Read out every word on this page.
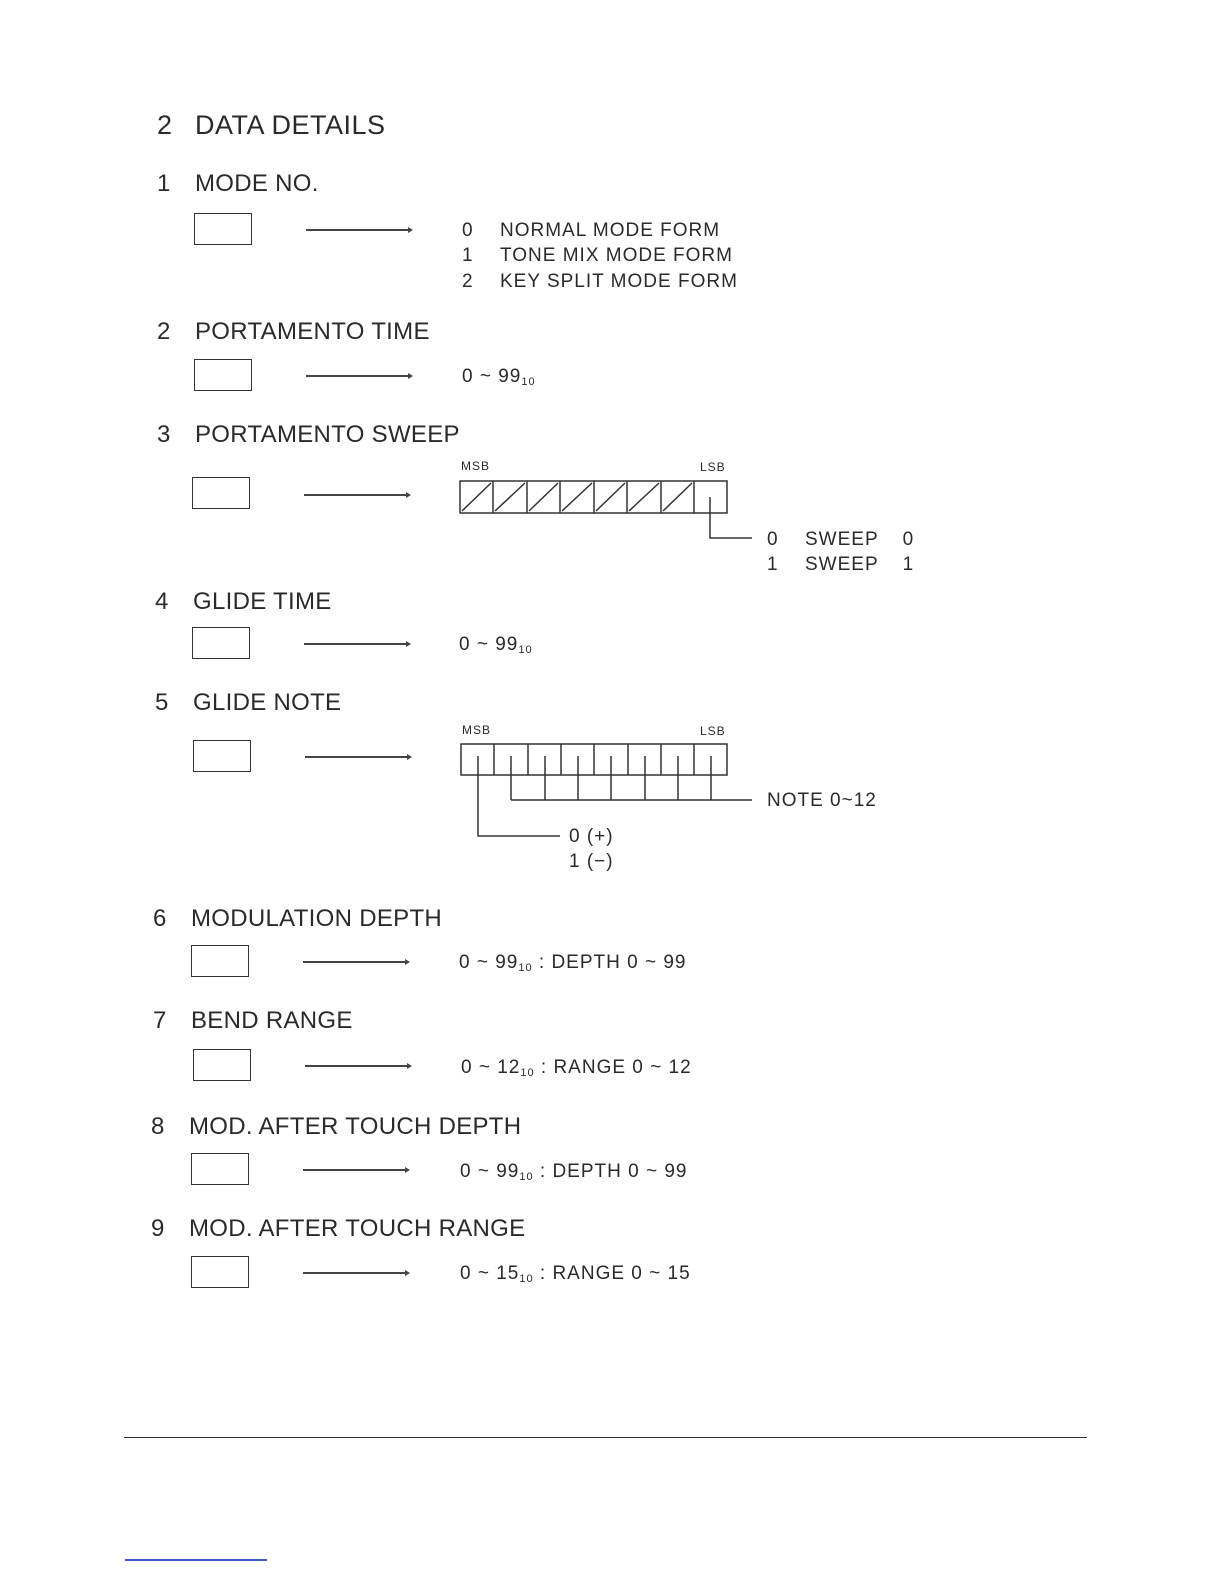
2 DATA DETAILS
1 MODE NO.
0 NORMAL MODE FORM
1 TONE MIX MODE FORM
2 KEY SPLIT MODE FORM
2 PORTAMENTO TIME
0 ~ $99_{10}$
3 PORTAMENTO SWEEP
MSB	LSB
0 SWEEP 0
1 SWEEP 1
4 GLIDE TIME
0 ~ $99_{10}$
5 GLIDE NOTE
MSB	LSB
NOTE 0~12
0 (+)
1 (−)
6 MODULATION DEPTH
0 ~ $99_{10}$ : DEPTH 0 ~ 99
7 BEND RANGE
0 ~ $12_{10}$ : RANGE 0 ~ 12
8 MOD. AFTER TOUCH DEPTH
0 ~ $99_{10}$ : DEPTH 0 ~ 99
9 MOD. AFTER TOUCH RANGE
0 ~ $15_{10}$ : RANGE 0 ~ 15
